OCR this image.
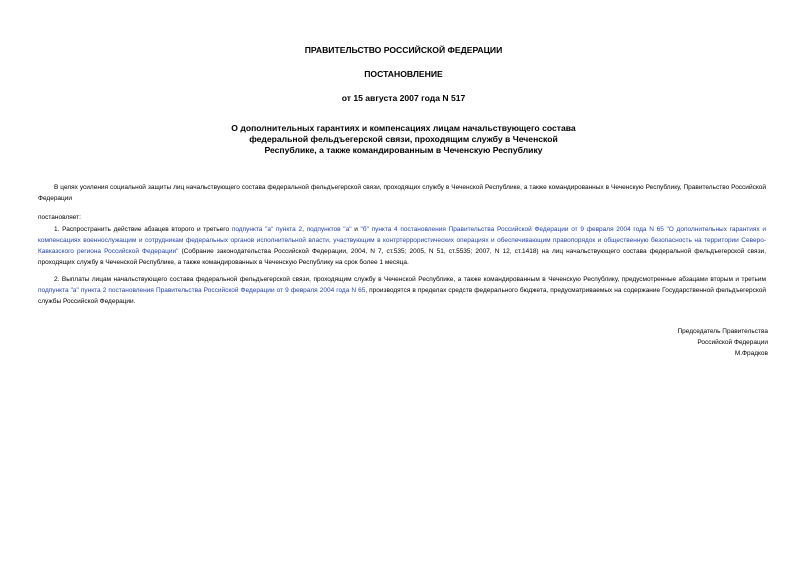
ПРАВИТЕЛЬСТВО РОССИЙСКОЙ ФЕДЕРАЦИИ
ПОСТАНОВЛЕНИЕ
от 15 августа 2007 года N 517
О дополнительных гарантиях и компенсациях лицам начальствующего состава федеральной фельдъегерской связи, проходящим службу в Чеченской Республике, а также командированным в Чеченскую Республику
В целях усиления социальной защиты лиц начальствующего состава федеральной фельдъегерской связи, проходящих службу в Чеченской Республике, а также командированных в Чеченскую Республику, Правительство Российской Федерации
постановляет:
1. Распространить действие абзацев второго и третьего подпункта "а" пункта 2, подпунктов "а" и "б" пункта 4 постановления Правительства Российской Федерации от 9 февраля 2004 года N 65 "О дополнительных гарантиях и компенсациях военнослужащим и сотрудникам федеральных органов исполнительной власти, участвующим в контртеррористических операциях и обеспечивающим правопорядок и общественную безопасность на территории Северо-Кавказского региона Российской Федерации" (Собрание законодательства Российской Федерации, 2004, N 7, ст.535; 2005, N 51, ст.5535; 2007, N 12, ст.1418) на лиц начальствующего состава федеральной фельдъегерской связи, проходящих службу в Чеченской Республике, а также командированных в Чеченскую Республику на срок более 1 месяца.
2. Выплаты лицам начальствующего состава федеральной фельдъегерской связи, проходящим службу в Чеченской Республике, а также командированным в Чеченскую Республику, предусмотренные абзацами вторым и третьим подпункта "а" пункта 2 постановления Правительства Российской Федерации от 9 февраля 2004 года N 65, производятся в пределах средств федерального бюджета, предусматриваемых на содержание Государственной фельдъегерской службы Российской Федерации.
Председатель Правительства
Российской Федерации
М.Фрадков
